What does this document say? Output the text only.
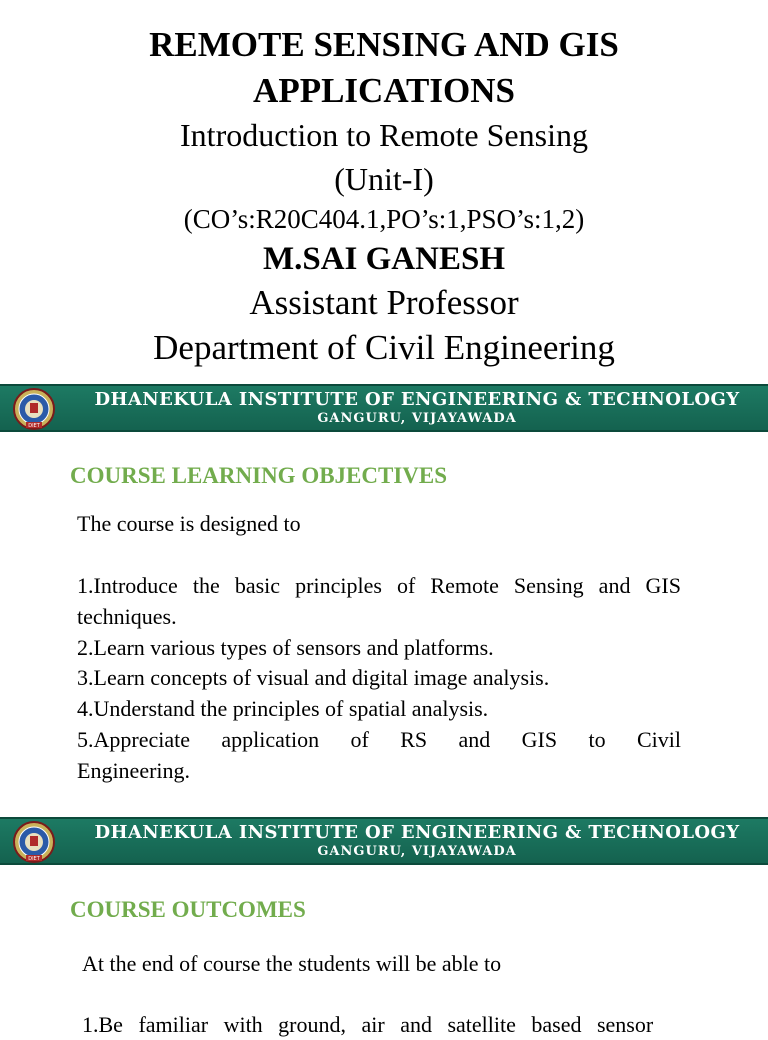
REMOTE SENSING AND GIS
APPLICATIONS
Introduction to Remote Sensing
(Unit-I)
(CO’s:R20C404.1,PO’s:1,PSO’s:1,2)
M.SAI GANESH
Assistant Professor
Department of Civil Engineering
DIET
DHANEKULA INSTITUTE OF ENGINEERING & TECHNOLOGY
GANGURU, VIJAYAWADA
COURSE LEARNING OBJECTIVES
The course is designed to
1.Introduce the basic principles of Remote Sensing and GIS techniques.
2.Learn various types of sensors and platforms.
3.Learn concepts of visual and digital image analysis.
4.Understand the principles of spatial analysis.
5.Appreciate application of RS and GIS to Civil Engineering.
DIET
DHANEKULA INSTITUTE OF ENGINEERING & TECHNOLOGY
GANGURU, VIJAYAWADA
COURSE OUTCOMES
At the end of course the students will be able to
1.Be familiar with ground, air and satellite based sensor
